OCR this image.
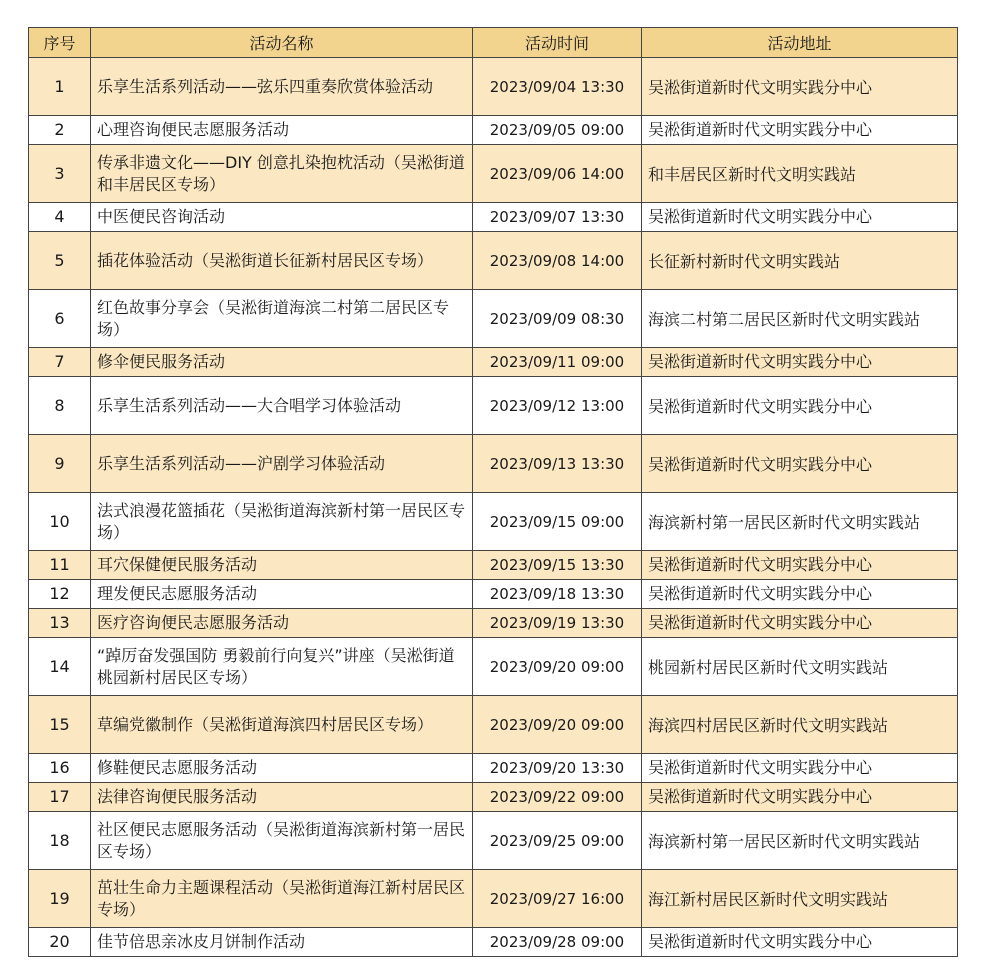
序号	活动名称	活动时间	活动地址
1	乐享生活系列活动——弦乐四重奏欣赏体验活动	2023/09/04 13:30	吴淞街道新时代文明实践分中心
2	心理咨询便民志愿服务活动	2023/09/05 09:00	吴淞街道新时代文明实践分中心
3	传承非遗文化——DIY 创意扎染抱枕活动（吴淞街道和丰居民区专场）	2023/09/06 14:00	和丰居民区新时代文明实践站
4	中医便民咨询活动	2023/09/07 13:30	吴淞街道新时代文明实践分中心
5	插花体验活动（吴淞街道长征新村居民区专场）	2023/09/08 14:00	长征新村新时代文明实践站
6	红色故事分享会（吴淞街道海滨二村第二居民区专场）	2023/09/09 08:30	海滨二村第二居民区新时代文明实践站
7	修伞便民服务活动	2023/09/11 09:00	吴淞街道新时代文明实践分中心
8	乐享生活系列活动——大合唱学习体验活动	2023/09/12 13:00	吴淞街道新时代文明实践分中心
9	乐享生活系列活动——沪剧学习体验活动	2023/09/13 13:30	吴淞街道新时代文明实践分中心
10	法式浪漫花篮插花（吴淞街道海滨新村第一居民区专场）	2023/09/15 09:00	海滨新村第一居民区新时代文明实践站
11	耳穴保健便民服务活动	2023/09/15 13:30	吴淞街道新时代文明实践分中心
12	理发便民志愿服务活动	2023/09/18 13:30	吴淞街道新时代文明实践分中心
13	医疗咨询便民志愿服务活动	2023/09/19 13:30	吴淞街道新时代文明实践分中心
14	“踔厉奋发强国防 勇毅前行向复兴”讲座（吴淞街道桃园新村居民区专场）	2023/09/20 09:00	桃园新村居民区新时代文明实践站
15	草编党徽制作（吴淞街道海滨四村居民区专场）	2023/09/20 09:00	海滨四村居民区新时代文明实践站
16	修鞋便民志愿服务活动	2023/09/20 13:30	吴淞街道新时代文明实践分中心
17	法律咨询便民服务活动	2023/09/22 09:00	吴淞街道新时代文明实践分中心
18	社区便民志愿服务活动（吴淞街道海滨新村第一居民区专场）	2023/09/25 09:00	海滨新村第一居民区新时代文明实践站
19	茁壮生命力主题课程活动（吴淞街道海江新村居民区专场）	2023/09/27 16:00	海江新村居民区新时代文明实践站
20	佳节倍思亲冰皮月饼制作活动	2023/09/28 09:00	吴淞街道新时代文明实践分中心
